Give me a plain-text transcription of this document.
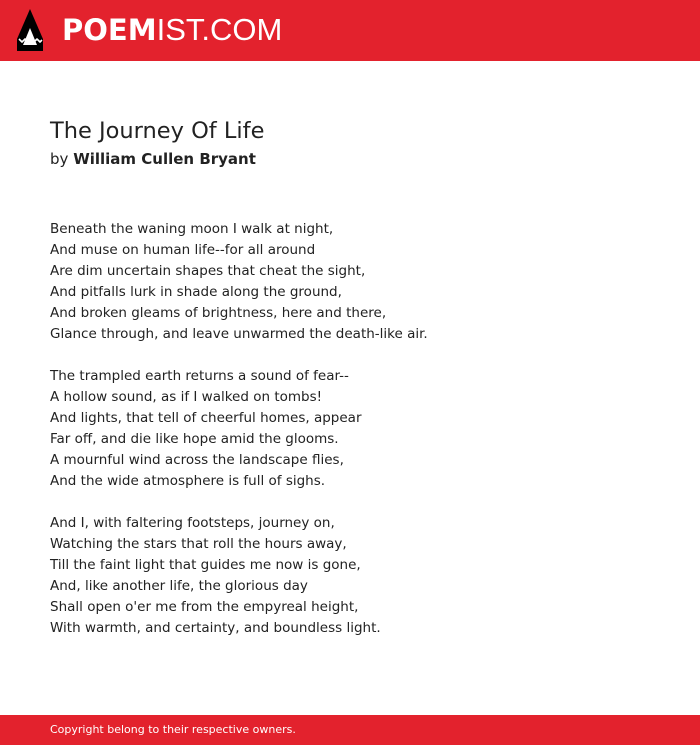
POEMIST.COM
The Journey Of Life
by William Cullen Bryant
Beneath the waning moon I walk at night,
And muse on human life--for all around
Are dim uncertain shapes that cheat the sight,
And pitfalls lurk in shade along the ground,
And broken gleams of brightness, here and there,
Glance through, and leave unwarmed the death-like air.
The trampled earth returns a sound of fear--
A hollow sound, as if I walked on tombs!
And lights, that tell of cheerful homes, appear
Far off, and die like hope amid the glooms.
A mournful wind across the landscape flies,
And the wide atmosphere is full of sighs.
And I, with faltering footsteps, journey on,
Watching the stars that roll the hours away,
Till the faint light that guides me now is gone,
And, like another life, the glorious day
Shall open o'er me from the empyreal height,
With warmth, and certainty, and boundless light.
Copyright belong to their respective owners.
